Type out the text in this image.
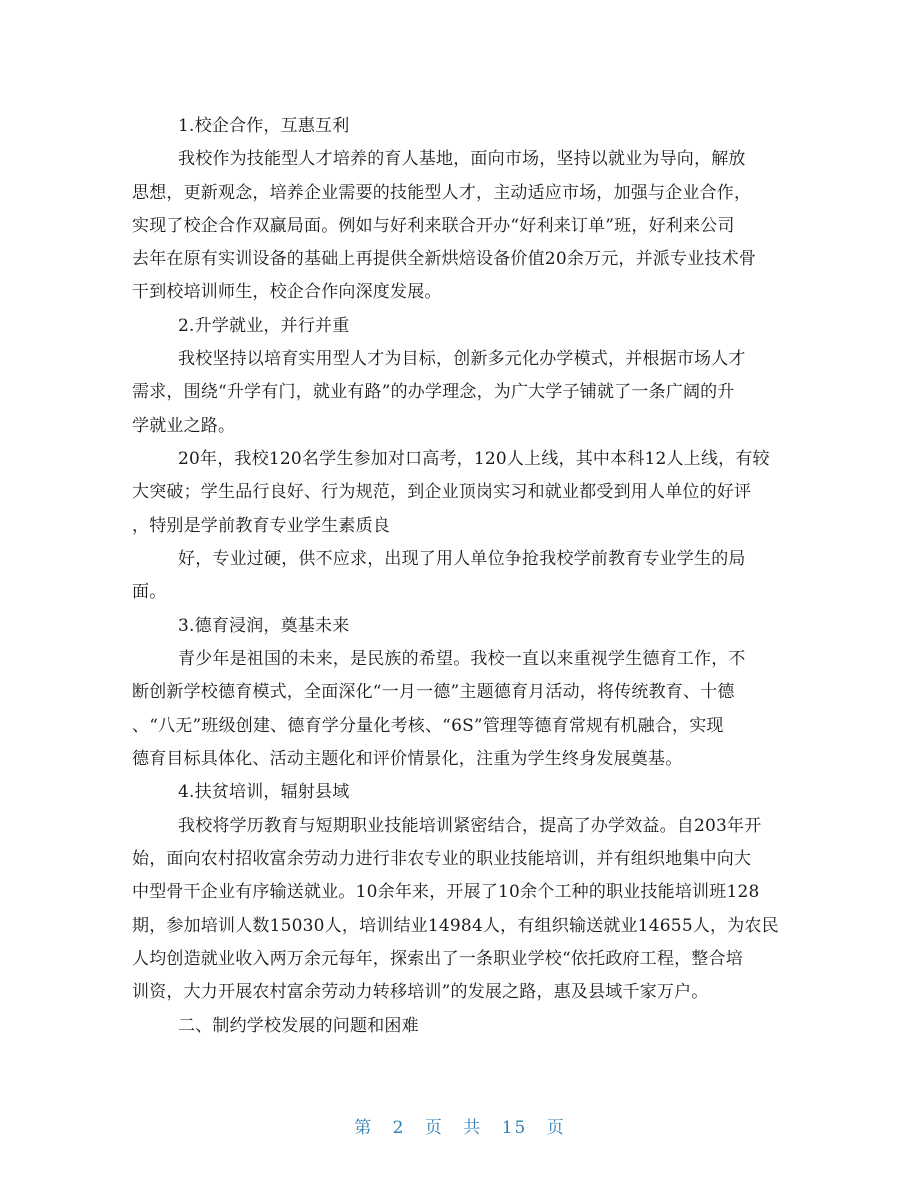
1.校企合作，互惠互利
我校作为技能型人才培养的育人基地，面向市场，坚持以就业为导向，解放
思想，更新观念，培养企业需要的技能型人才，主动适应市场，加强与企业合作，
实现了校企合作双赢局面。例如与好利来联合开办“好利来订单”班，好利来公司
去年在原有实训设备的基础上再提供全新烘焙设备价值20余万元，并派专业技术骨
干到校培训师生，校企合作向深度发展。
2.升学就业，并行并重
我校坚持以培育实用型人才为目标，创新多元化办学模式，并根据市场人才
需求，围绕“升学有门，就业有路”的办学理念，为广大学子铺就了一条广阔的升
学就业之路。
20年，我校120名学生参加对口高考，120人上线，其中本科12人上线，有较
大突破；学生品行良好、行为规范，到企业顶岗实习和就业都受到用人单位的好评
，特别是学前教育专业学生素质良
好，专业过硬，供不应求，出现了用人单位争抢我校学前教育专业学生的局
面。
3.德育浸润，奠基未来
青少年是祖国的未来，是民族的希望。我校一直以来重视学生德育工作，不
断创新学校德育模式，全面深化“一月一德”主题德育月活动，将传统教育、十德
、“八无”班级创建、德育学分量化考核、“6S”管理等德育常规有机融合，实现
德育目标具体化、活动主题化和评价情景化，注重为学生终身发展奠基。
4.扶贫培训，辐射县域
我校将学历教育与短期职业技能培训紧密结合，提高了办学效益。自203年开
始，面向农村招收富余劳动力进行非农专业的职业技能培训，并有组织地集中向大
中型骨干企业有序输送就业。10余年来，开展了10余个工种的职业技能培训班128
期，参加培训人数15030人，培训结业14984人，有组织输送就业14655人，为农民
人均创造就业收入两万余元每年，探索出了一条职业学校“依托政府工程，整合培
训资，大力开展农村富余劳动力转移培训”的发展之路，惠及县域千家万户。
二、制约学校发展的问题和困难
第 2 页 共 15 页
